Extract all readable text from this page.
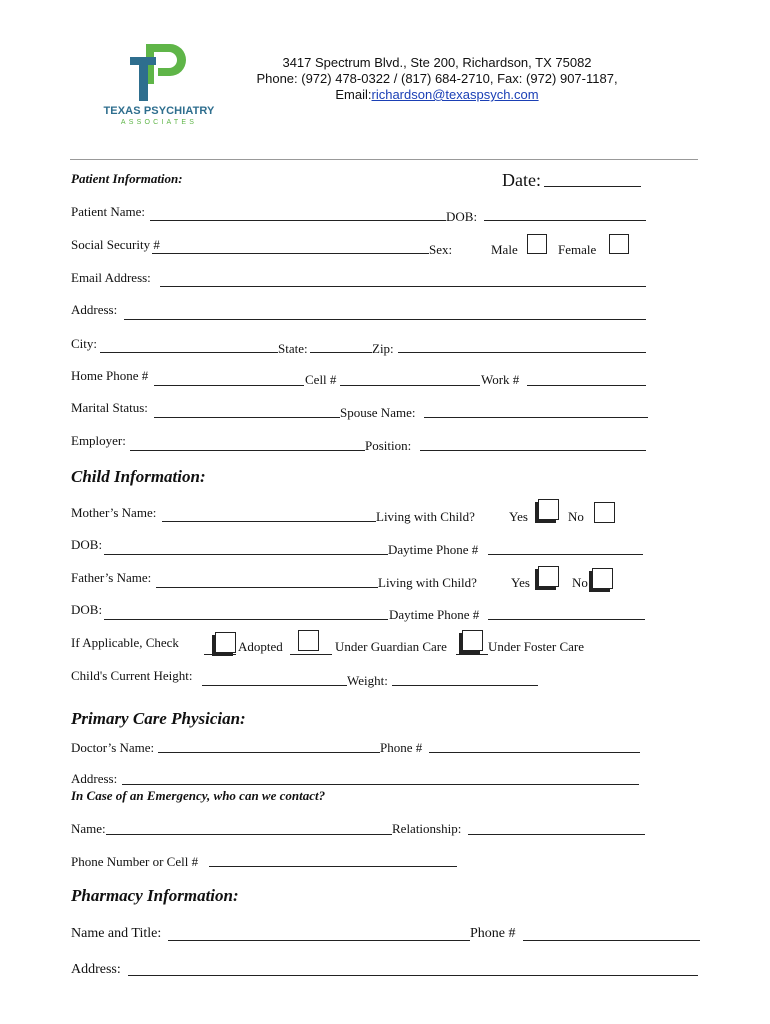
TEXAS PSYCHIATRY
ASSOCIATES
3417 Spectrum Blvd., Ste 200, Richardson, TX 75082
Phone: (972) 478-0322 / (817) 684-2710, Fax: (972) 907-1187,
Email:richardson@texaspsych.com
Patient Information:	Date:
Patient Name:	DOB:
Social Security #	Sex:	Male	Female
Email Address:
Address:
City:	State:	Zip:
Home Phone #	Cell #	Work #
Marital Status:	Spouse Name:
Employer:	Position:
Child Information:
Mother’s Name:	Living with Child?	Yes	No
DOB:	Daytime Phone #
Father’s Name:	Living with Child?	Yes	No
DOB:	Daytime Phone #
If Applicable, Check	Adopted	Under Guardian Care	Under Foster Care
Child's Current Height:	Weight:
Primary Care Physician:
Doctor’s Name:	Phone #
Address:
In Case of an Emergency, who can we contact?
Name:	Relationship:
Phone Number or Cell #
Pharmacy Information:
Name and Title:	Phone #
Address:
